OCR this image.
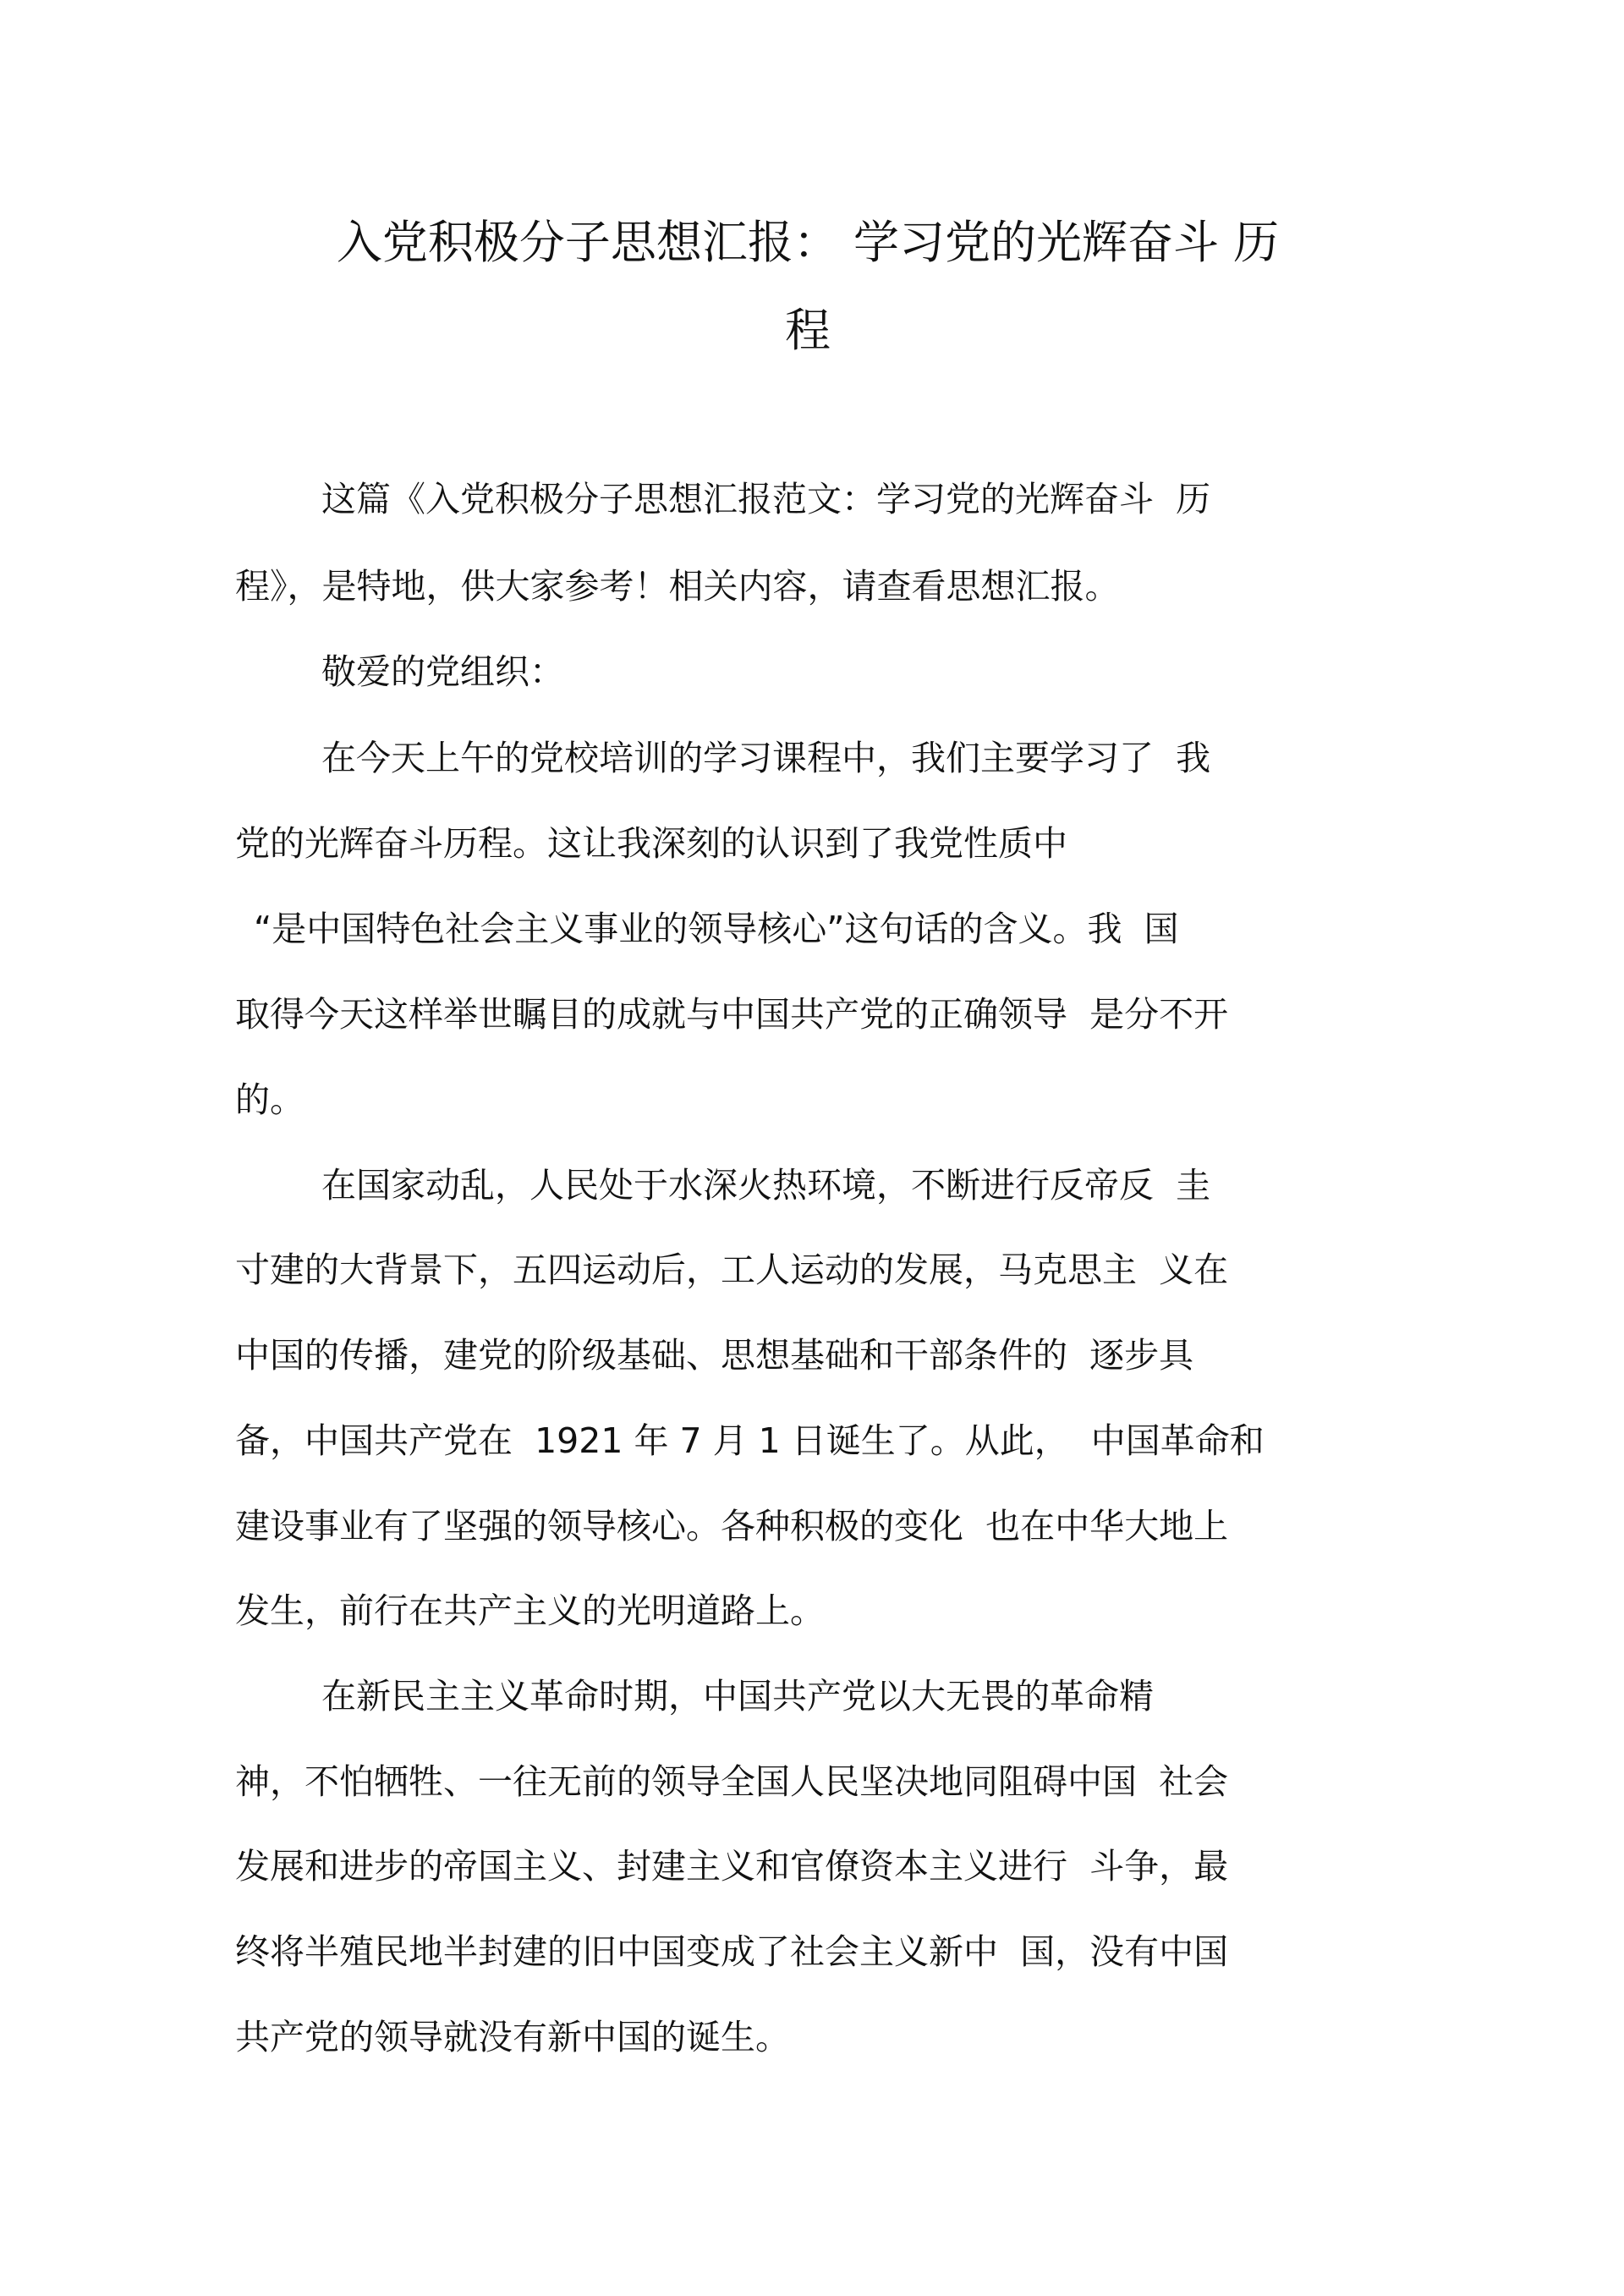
入党积极分子思想汇报： 学习党的光辉奋斗 历
程
这篇《入党积极分子思想汇报范文：学习党的光辉奋斗  历
程》，是特地，供大家参考！相关内容，请查看思想汇报。
敬爱的党组织：
在今天上午的党校培训的学习课程中，我们主要学习了  我
党的光辉奋斗历程。这让我深刻的认识到了我党性质中
“是中国特色社会主义事业的领导核心”这句话的含义。我  国
取得今天这样举世瞩目的成就与中国共产党的正确领导  是分不开
的。
在国家动乱，人民处于水深火热环境，不断进行反帝反  圭
寸建的大背景下，五四运动后，工人运动的发展，马克思主  义在
中国的传播，建党的阶级基础、思想基础和干部条件的  逐步具
备，中国共产党在  1921 年 7 月 1 日诞生了。从此，  中国革命和
建设事业有了坚强的领导核心。各种积极的变化  也在中华大地上
发生，前行在共产主义的光明道路上。
在新民主主义革命时期，中国共产党以大无畏的革命精
神，不怕牺牲、一往无前的领导全国人民坚决地同阻碍中国  社会
发展和进步的帝国主义、封建主义和官僚资本主义进行  斗争，最
终将半殖民地半封建的旧中国变成了社会主义新中  国，没有中国
共产党的领导就没有新中国的诞生。
